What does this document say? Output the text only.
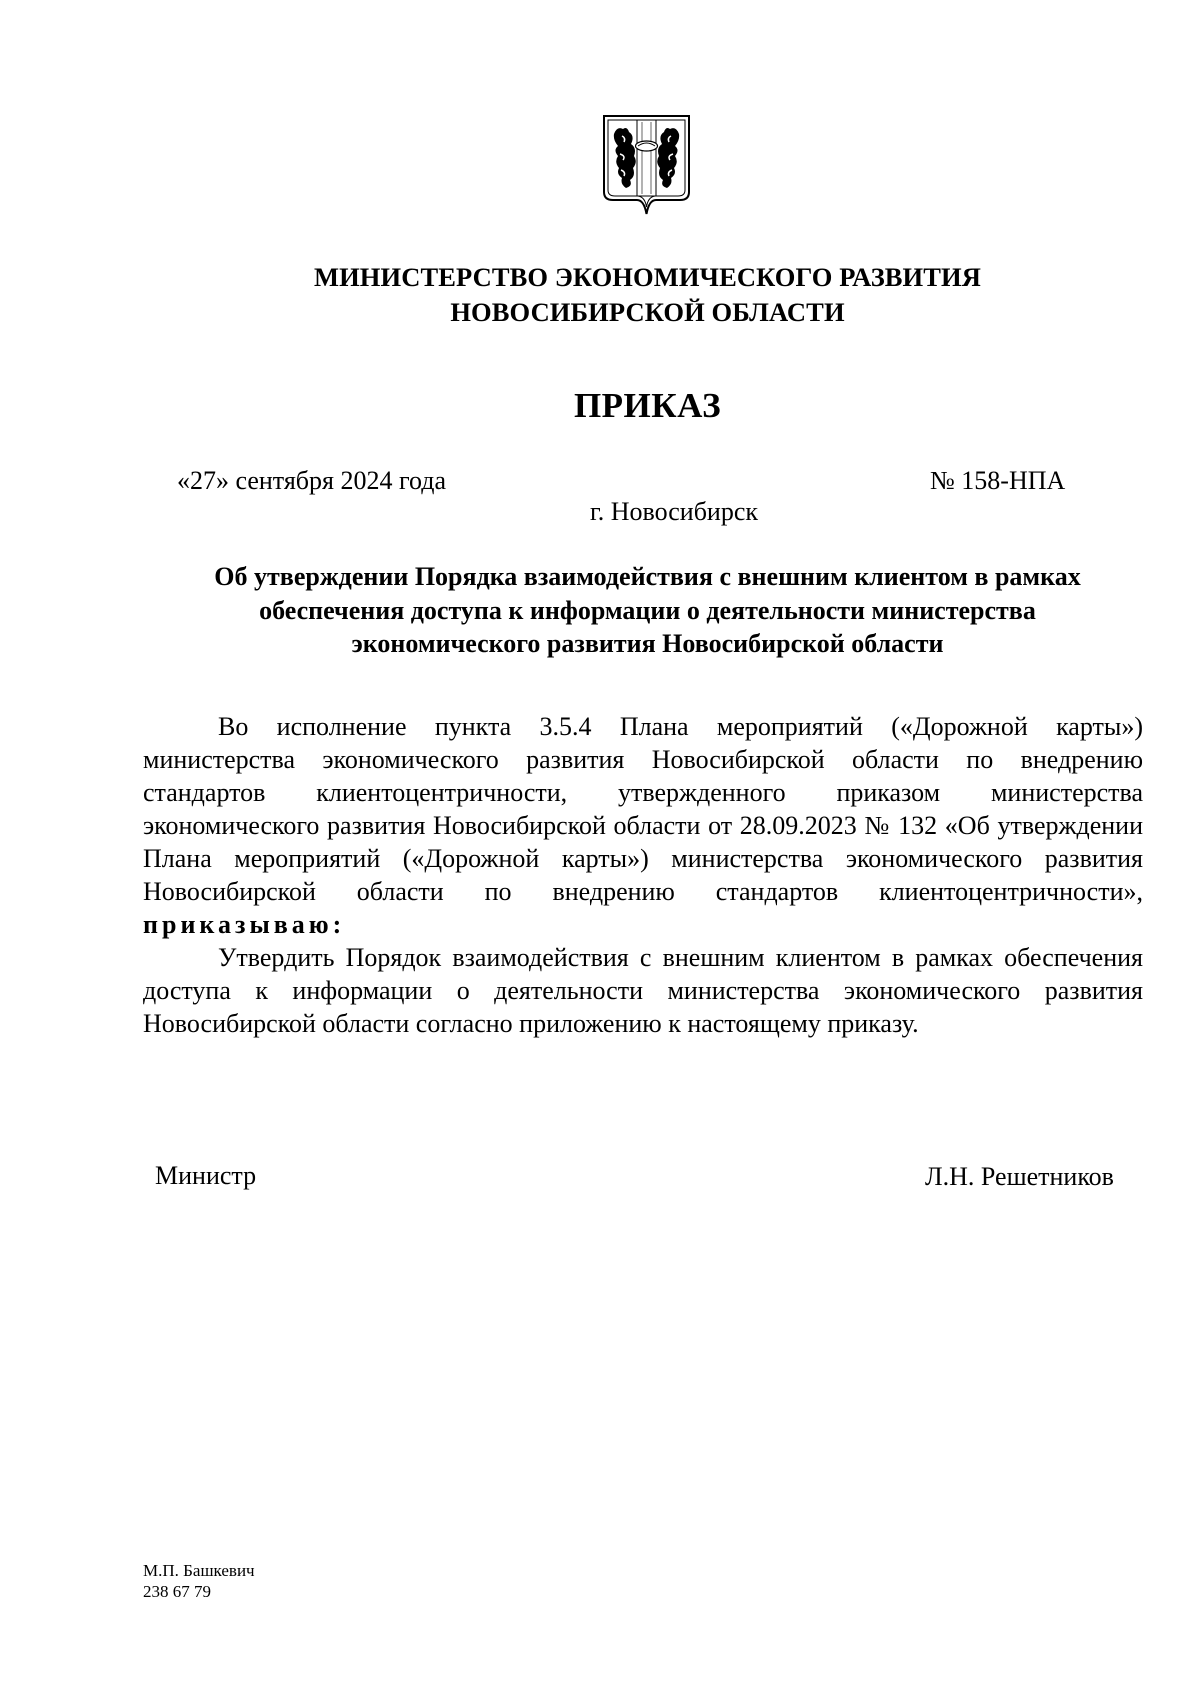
МИНИСТЕРСТВО ЭКОНОМИЧЕСКОГО РАЗВИТИЯ
НОВОСИБИРСКОЙ ОБЛАСТИ
ПРИКАЗ
«27» сентября 2024 года	№ 158-НПА
г. Новосибирск
Об утверждении Порядка взаимодействия с внешним клиентом в рамках
обеспечения доступа к информации о деятельности министерства
экономического развития Новосибирской области

Во исполнение пункта 3.5.4 Плана мероприятий («Дорожной карты») министерства экономического развития Новосибирской области по внедрению стандартов клиентоцентричности, утвержденного приказом министерства экономического развития Новосибирской области от 28.09.2023 № 132 «Об утверждении Плана мероприятий («Дорожной карты») министерства экономического развития Новосибирской области по внедрению стандартов клиентоцентричности», приказываю:

Утвердить Порядок взаимодействия с внешним клиентом в рамках обеспечения доступа к информации о деятельности министерства экономического развития Новосибирской области согласно приложению к настоящему приказу.

Министр	Л.Н. Решетников
М.П. Башкевич
238 67 79
